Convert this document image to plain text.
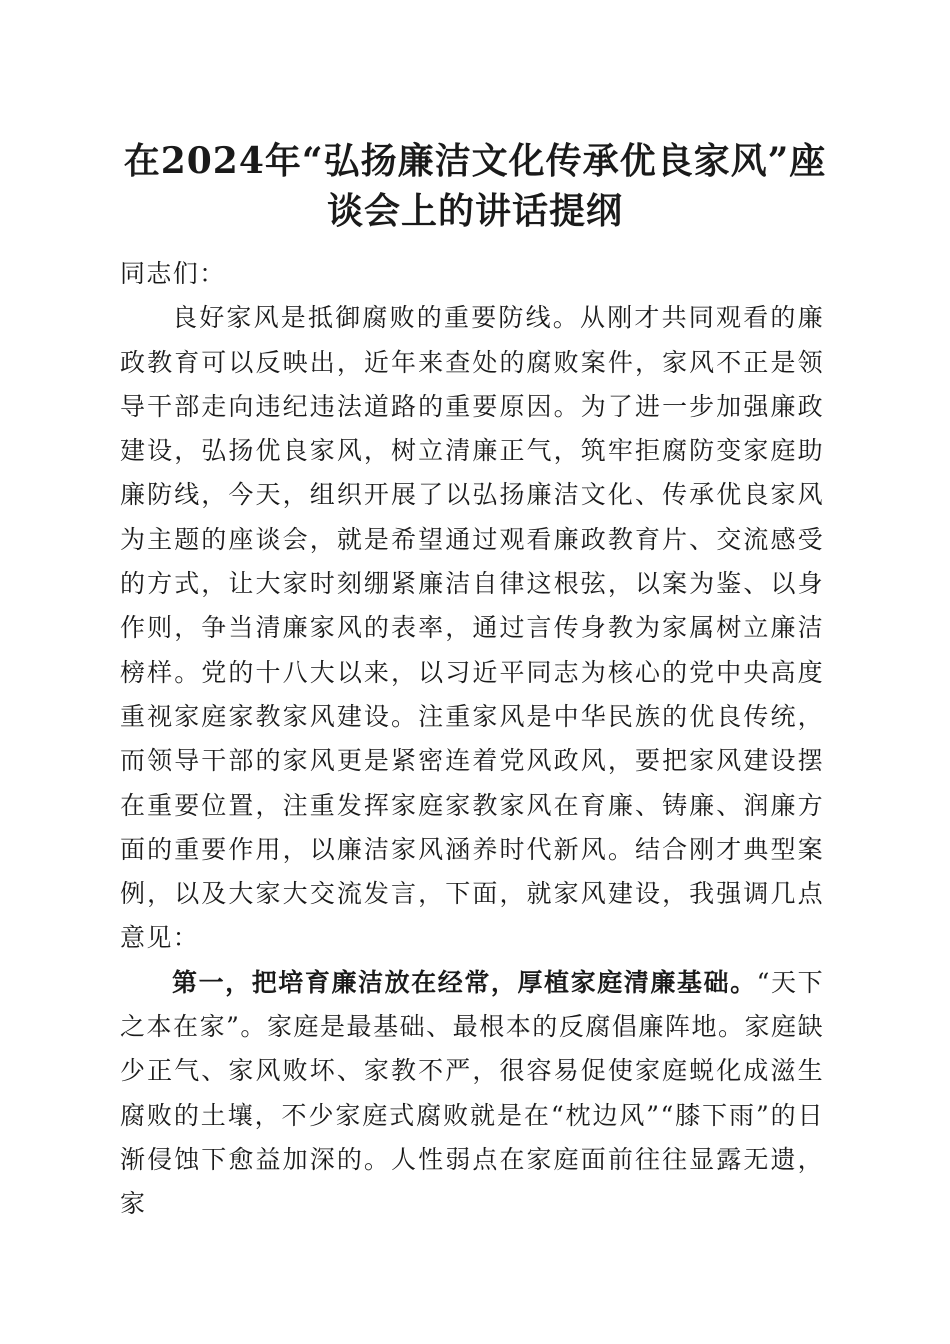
在2024年“弘扬廉洁文化传承优良家风”座
谈会上的讲话提纲

同志们：

良好家风是抵御腐败的重要防线。从刚才共同观看的廉政教育可以反映出，近年来查处的腐败案件，家风不正是领导干部走向违纪违法道路的重要原因。为了进一步加强廉政建设，弘扬优良家风，树立清廉正气，筑牢拒腐防变家庭助廉防线，今天，组织开展了以弘扬廉洁文化、传承优良家风为主题的座谈会，就是希望通过观看廉政教育片、交流感受的方式，让大家时刻绷紧廉洁自律这根弦，以案为鉴、以身作则，争当清廉家风的表率，通过言传身教为家属树立廉洁榜样。党的十八大以来，以习近平同志为核心的党中央高度重视家庭家教家风建设。注重家风是中华民族的优良传统，而领导干部的家风更是紧密连着党风政风，要把家风建设摆在重要位置，注重发挥家庭家教家风在育廉、铸廉、润廉方面的重要作用，以廉洁家风涵养时代新风。结合刚才典型案例，以及大家大交流发言，下面，就家风建设，我强调几点意见：

第一，把培育廉洁放在经常，厚植家庭清廉基础。“天下之本在家”。家庭是最基础、最根本的反腐倡廉阵地。家庭缺少正气、家风败坏、家教不严，很容易促使家庭蜕化成滋生腐败的土壤，不少家庭式腐败就是在“枕边风”“膝下雨”的日渐侵蚀下愈益加深的。人性弱点在家庭面前往往显露无遗，家
